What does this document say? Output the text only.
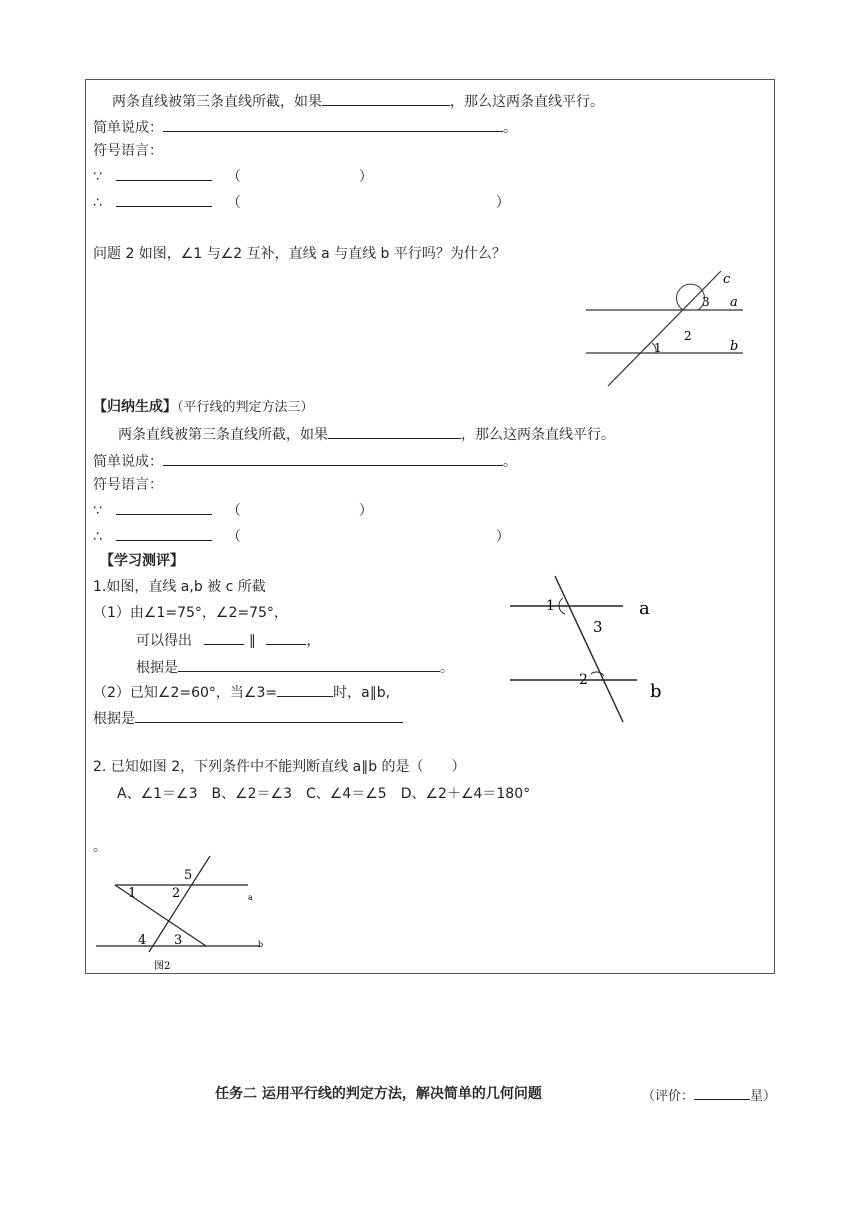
两条直线被第三条直线所截，如果	，那么这两条直线平行。
简单说成：	。
符号语言：
∵	（	）
∴	（	）
问题 2 如图，∠1 与∠2 互补，直线 a 与直线 b 平行吗？为什么？
c
a
b
1
2
3
【归纳生成】（平行线的判定方法三）
两条直线被第三条直线所截，如果	，那么这两条直线平行。
简单说成：	。
符号语言：
∵	（	）
∴	（	）
【学习测评】
1.如图，直线 a,b 被 c 所截
（1）由∠1=75°，∠2=75°，
可以得出	∥	，
根据是	。
（2）已知∠2=60°，当∠3=	时，a∥b,
根据是
1
3
2
a
b
2. 已知如图 2，下列条件中不能判断直线 a∥b 的是（　　）
A、∠1＝∠3　B、∠2＝∠3　C、∠4＝∠5　D、∠2＋∠4＝180°
。
5
1	2
4 3
a
b
图2
任务二 运用平行线的判定方法，解决简单的几何问题	（评价：	星）
